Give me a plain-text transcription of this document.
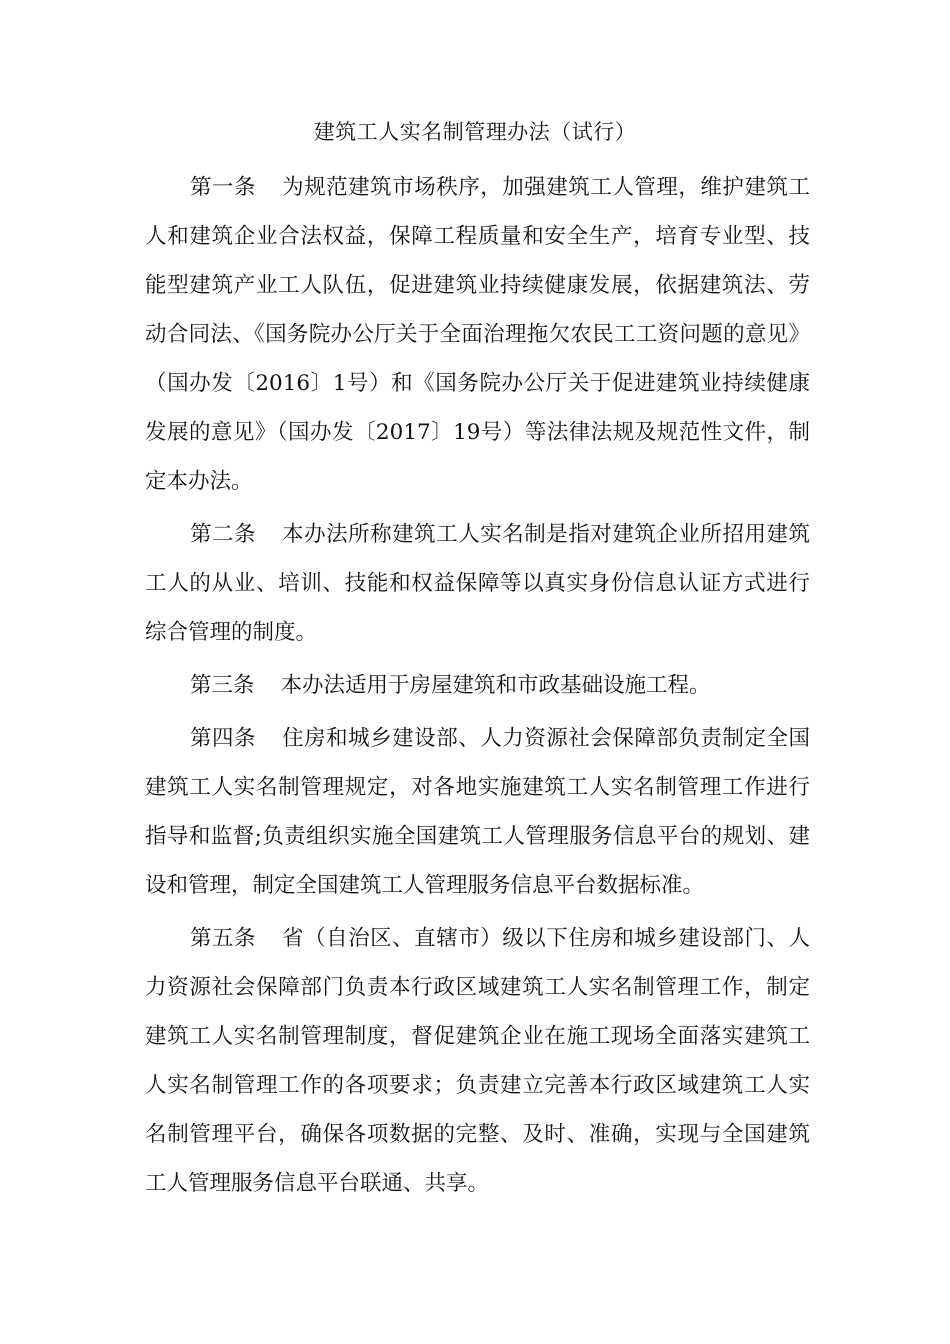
建筑工人实名制管理办法（试行）

第一条 为规范建筑市场秩序，加强建筑工人管理，维护建筑工人和建筑企业合法权益，保障工程质量和安全生产，培育专业型、技能型建筑产业工人队伍，促进建筑业持续健康发展，依据建筑法、劳动合同法、《国务院办公厅关于全面治理拖欠农民工工资问题的意见》（国办发〔2016〕1号）和《国务院办公厅关于促进建筑业持续健康发展的意见》（国办发〔2017〕19号）等法律法规及规范性文件，制定本办法。

第二条 本办法所称建筑工人实名制是指对建筑企业所招用建筑工人的从业、培训、技能和权益保障等以真实身份信息认证方式进行综合管理的制度。

第三条 本办法适用于房屋建筑和市政基础设施工程。

第四条 住房和城乡建设部、人力资源社会保障部负责制定全国建筑工人实名制管理规定，对各地实施建筑工人实名制管理工作进行指导和监督;负责组织实施全国建筑工人管理服务信息平台的规划、建设和管理，制定全国建筑工人管理服务信息平台数据标准。

第五条 省（自治区、直辖市）级以下住房和城乡建设部门、人力资源社会保障部门负责本行政区域建筑工人实名制管理工作，制定建筑工人实名制管理制度，督促建筑企业在施工现场全面落实建筑工人实名制管理工作的各项要求；负责建立完善本行政区域建筑工人实名制管理平台，确保各项数据的完整、及时、准确，实现与全国建筑工人管理服务信息平台联通、共享。
